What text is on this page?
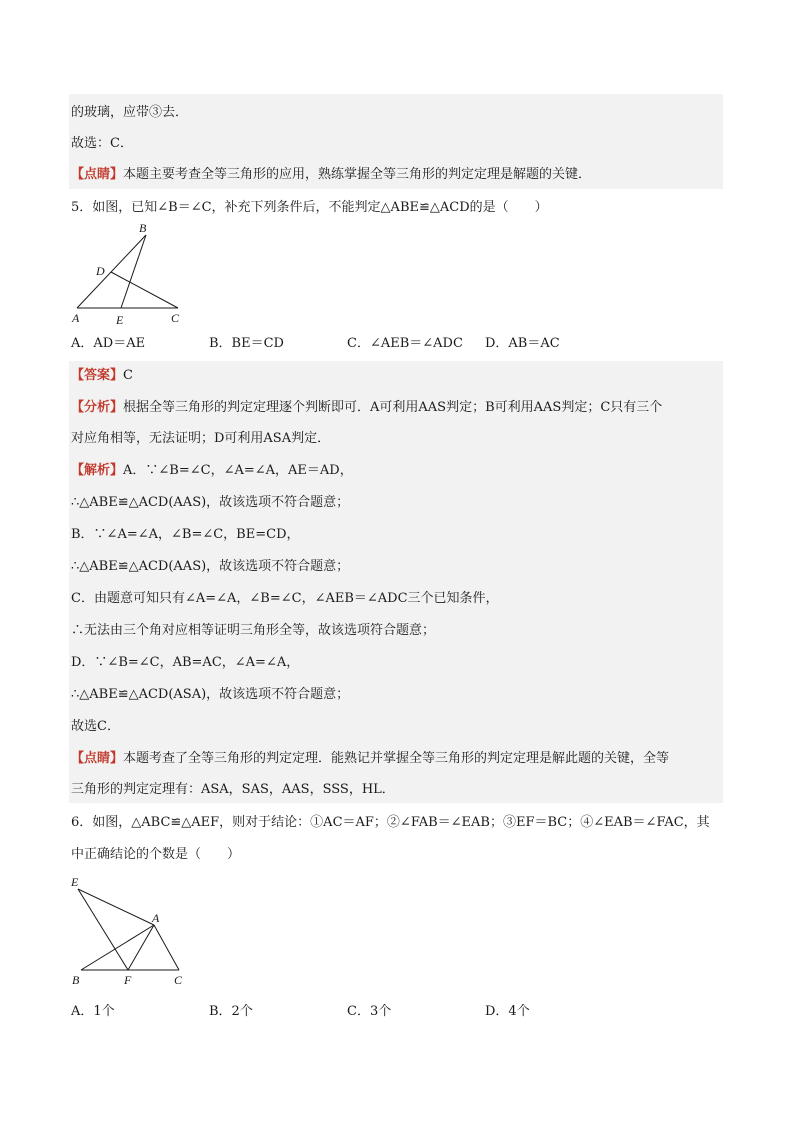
的玻璃，应带③去．
故选：C．
【点睛】本题主要考查全等三角形的应用，熟练掌握全等三角形的判定定理是解题的关键．
5．如图，已知∠B＝∠C，补充下列条件后，不能判定△ABE≌△ACD的是（　　）
B
D
A	E	C
A．AD＝AE	B．BE＝CD	C．∠AEB＝∠ADC D．AB＝AC
【答案】C
【分析】根据全等三角形的判定定理逐个判断即可．A可利用AAS判定；B可利用AAS判定；C只有三个
对应角相等，无法证明；D可利用ASA判定．
【解析】A．∵∠B=∠C，∠A=∠A，AE＝AD，
∴△ABE≌△ACD(AAS)，故该选项不符合题意；
B．∵∠A=∠A，∠B=∠C，BE=CD，
∴△ABE≌△ACD(AAS)，故该选项不符合题意；
C．由题意可知只有∠A=∠A，∠B=∠C，∠AEB＝∠ADC三个已知条件，
∴无法由三个角对应相等证明三角形全等，故该选项符合题意；
D．∵∠B=∠C，AB=AC，∠A=∠A，
∴△ABE≌△ACD(ASA)，故该选项不符合题意；
故选C．
【点睛】本题考查了全等三角形的判定定理．能熟记并掌握全等三角形的判定定理是解此题的关键，全等
三角形的判定定理有：ASA，SAS，AAS，SSS，HL．
6．如图，△ABC≌△AEF，则对于结论：①AC＝AF；②∠FAB＝∠EAB；③EF＝BC；④∠EAB＝∠FAC，其
中正确结论的个数是（　　）
E
A
B	F	C
A．1个	B．2个	C．3个	D．4个
